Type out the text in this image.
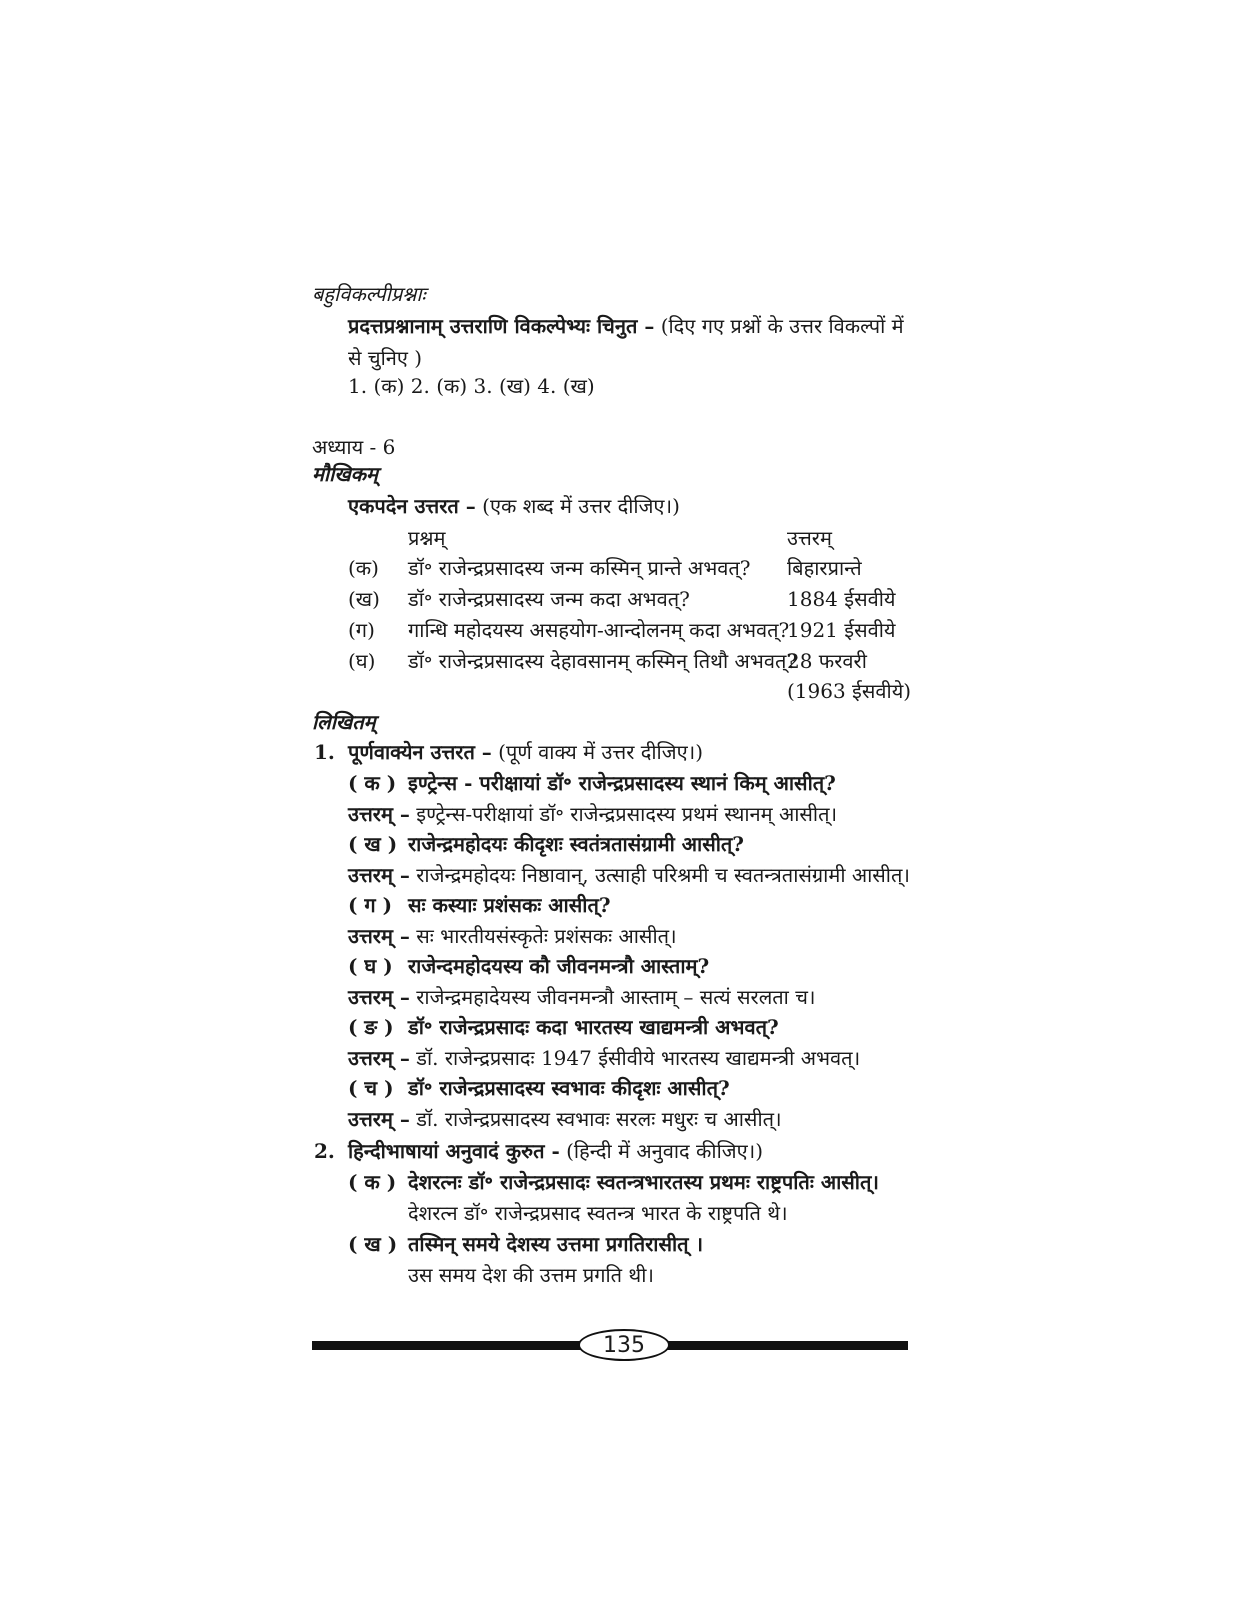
बहुविकल्पीप्रश्नाः
प्रदत्तप्रश्नानाम् उत्तराणि विकल्पेभ्यः चिनुत – (दिए गए प्रश्नों के उत्तर विकल्पों में
से चुनिए )
1. (क) 2. (क) 3. (ख) 4. (ख)
अध्याय - 6
मौखिकम्
एकपदेन उत्तरत – (एक शब्द में उत्तर दीजिए।)
प्रश्नम्	उत्तरम्
(क) डॉ॰ राजेन्द्रप्रसादस्य जन्म कस्मिन् प्रान्ते अभवत्? बिहारप्रान्ते
(ख) डॉ॰ राजेन्द्रप्रसादस्य जन्म कदा अभवत्?	1884 ईसवीये
(ग) गान्धि महोदयस्य असहयोग-आन्दोलनम् कदा अभवत्?
1921 ईसवीये
(घ) डॉ॰ राजेन्द्रप्रसादस्य देहावसानम् कस्मिन् तिथौ अभवत्?
28 फरवरी
(1963 ईसवीये)
लिखितम्
1. पूर्णवाक्येन उत्तरत – (पूर्ण वाक्य में उत्तर दीजिए।)
( क ) इण्ट्रेन्स - परीक्षायां डॉ॰ राजेन्द्रप्रसादस्य स्थानं किम् आसीत्?
उत्तरम् – इण्ट्रेन्स-परीक्षायां डॉ॰ राजेन्द्रप्रसादस्य प्रथमं स्थानम् आसीत्।
( ख ) राजेन्द्रमहोदयः कीदृशः स्वतंत्रतासंग्रामी आसीत्?
उत्तरम् – राजेन्द्रमहोदयः निष्ठावान्, उत्साही परिश्रमी च स्वतन्त्रतासंग्रामी आसीत्।
( ग ) सः कस्याः प्रशंसकः आसीत्?
उत्तरम् – सः भारतीयसंस्कृतेः प्रशंसकः आसीत्।
( घ ) राजेन्दमहोदयस्य कौ जीवनमन्त्रौ आस्ताम्?
उत्तरम् – राजेन्द्रमहादेयस्य जीवनमन्त्रौ आस्ताम् – सत्यं सरलता च।
( ङ ) डॉ॰ राजेन्द्रप्रसादः कदा भारतस्य खाद्यमन्त्री अभवत्?
उत्तरम् – डॉ. राजेन्द्रप्रसादः 1947 ईसीवीये भारतस्य खाद्यमन्त्री अभवत्।
( च ) डॉ॰ राजेन्द्रप्रसादस्य स्वभावः कीदृशः आसीत्?
उत्तरम् – डॉ. राजेन्द्रप्रसादस्य स्वभावः सरलः मधुरः च आसीत्।
2. हिन्दीभाषायां अनुवादं कुरुत - (हिन्दी में अनुवाद कीजिए।)
( क ) देशरत्नः डॉ॰ राजेन्द्रप्रसादः स्वतन्त्रभारतस्य प्रथमः राष्ट्रपतिः आसीत्।
देशरत्न डॉ॰ राजेन्द्रप्रसाद स्वतन्त्र भारत के राष्ट्रपति थे।
( ख ) तस्मिन् समये देशस्य उत्तमा प्रगतिरासीत् ।
उस समय देश की उत्तम प्रगति थी।
135
